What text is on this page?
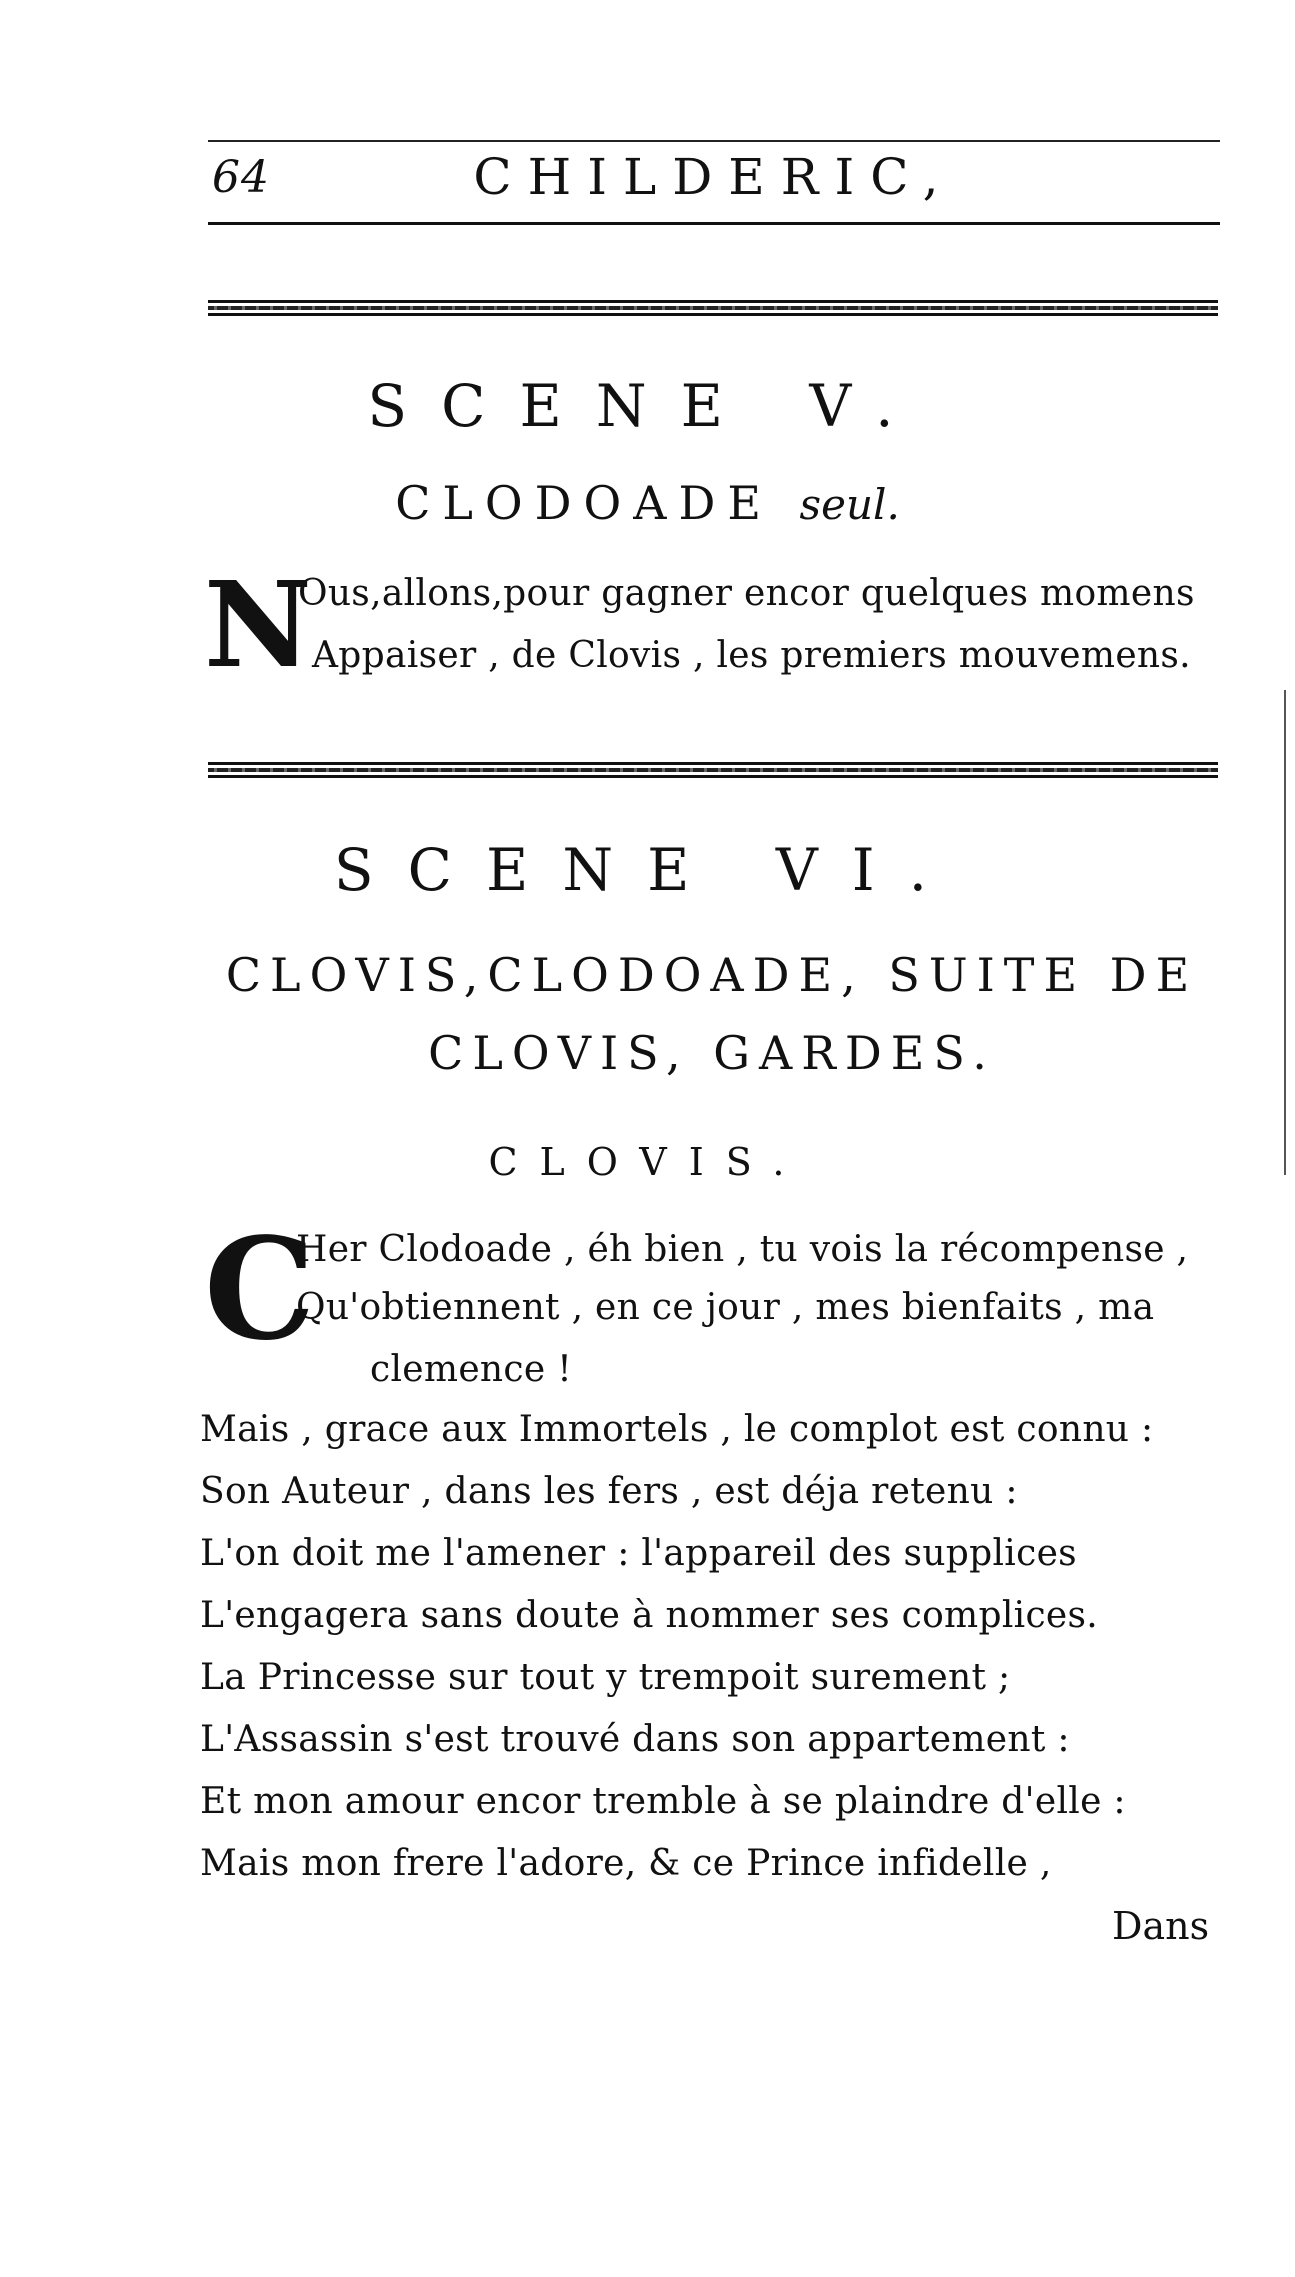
64	CHILDERIC,
SCENE V.
CLODOADE seul.
N
Ous,allons,pour gagner encor quelques momens
Appaiser , de Clovis , les premiers mouvemens.
SCENE VI.
CLOVIS,CLODOADE, SUITE DE
CLOVIS, GARDES.
CLOVIS.
C
Her Clodoade , éh bien , tu vois la récompense ,
Qu'obtiennent , en ce jour , mes bienfaits , ma
clemence !
Mais , grace aux Immortels , le complot est connu :
Son Auteur , dans les fers , est déja retenu :
L'on doit me l'amener : l'appareil des supplices
L'engagera sans doute à nommer ses complices.
La Princesse sur tout y trempoit surement ;
L'Assassin s'est trouvé dans son appartement :
Et mon amour encor tremble à se plaindre d'elle :
Mais mon frere l'adore, & ce Prince infidelle ,
Dans
